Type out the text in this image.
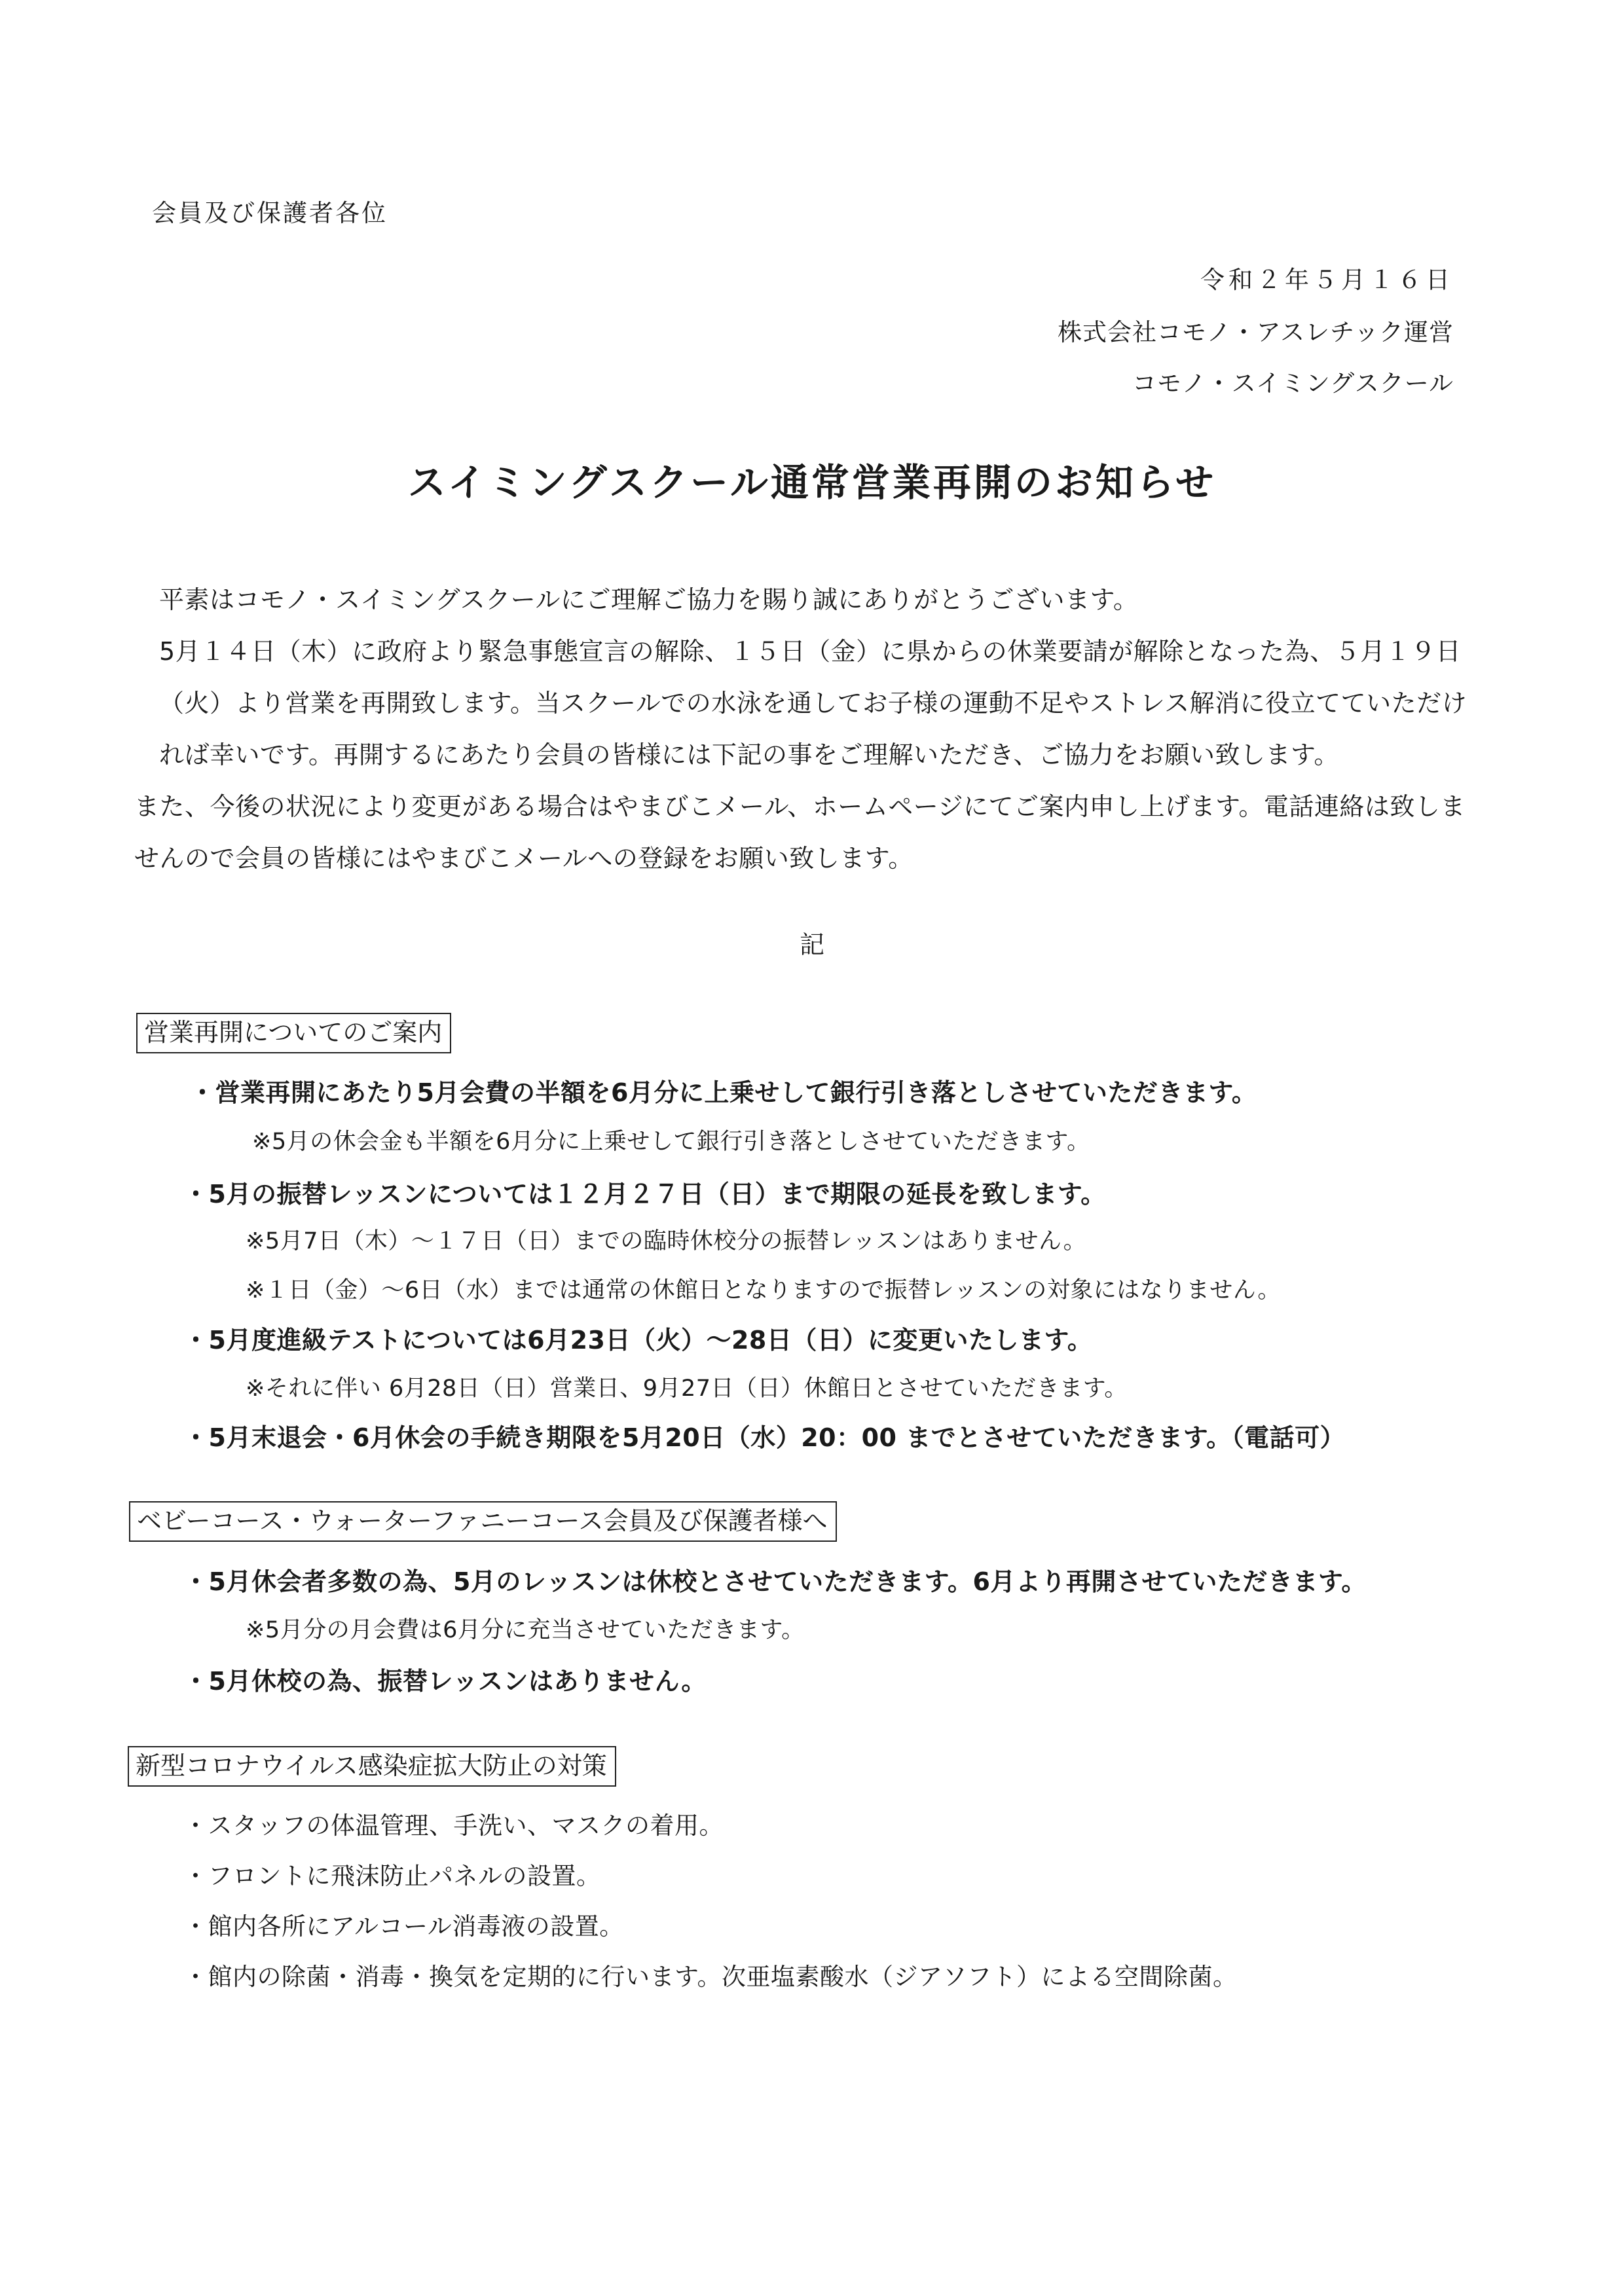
会員及び保護者各位
令和２年５月１６日
株式会社コモノ・アスレチック運営
コモノ・スイミングスクール
スイミングスクール通常営業再開のお知らせ

平素はコモノ・スイミングスクールにご理解ご協力を賜り誠にありがとうございます。

5月１４日（木）に政府より緊急事態宣言の解除、１５日（金）に県からの休業要請が解除となった為、５月１９日（火）より営業を再開致します。当スクールでの水泳を通してお子様の運動不足やストレス解消に役立てていただければ幸いです。再開するにあたり会員の皆様には下記の事をご理解いただき、ご協力をお願い致します。

また、今後の状況により変更がある場合はやまびこメール、ホームページにてご案内申し上げます。電話連絡は致しませんので会員の皆様にはやまびこメールへの登録をお願い致します。

記
営業再開についてのご案内
・営業再開にあたり5月会費の半額を6月分に上乗せして銀行引き落としさせていただきます。
※5月の休会金も半額を6月分に上乗せして銀行引き落としさせていただきます。
・5月の振替レッスンについては１２月２７日（日）まで期限の延長を致します。
※5月7日（木）～１７日（日）までの臨時休校分の振替レッスンはありません。
※１日（金）～6日（水）までは通常の休館日となりますので振替レッスンの対象にはなりません。
・5月度進級テストについては6月23日（火）～28日（日）に変更いたします。
※それに伴い 6月28日（日）営業日、9月27日（日）休館日とさせていただきます。
・5月末退会・6月休会の手続き期限を5月20日（水）20：00 までとさせていただきます。（電話可）
ベビーコース・ウォーターファニーコース会員及び保護者様へ
・5月休会者多数の為、5月のレッスンは休校とさせていただきます。6月より再開させていただきます。
※5月分の月会費は6月分に充当させていただきます。
・5月休校の為、振替レッスンはありません。
新型コロナウイルス感染症拡大防止の対策
・スタッフの体温管理、手洗い、マスクの着用。
・フロントに飛沫防止パネルの設置。
・館内各所にアルコール消毒液の設置。
・館内の除菌・消毒・換気を定期的に行います。次亜塩素酸水（ジアソフト）による空間除菌。
